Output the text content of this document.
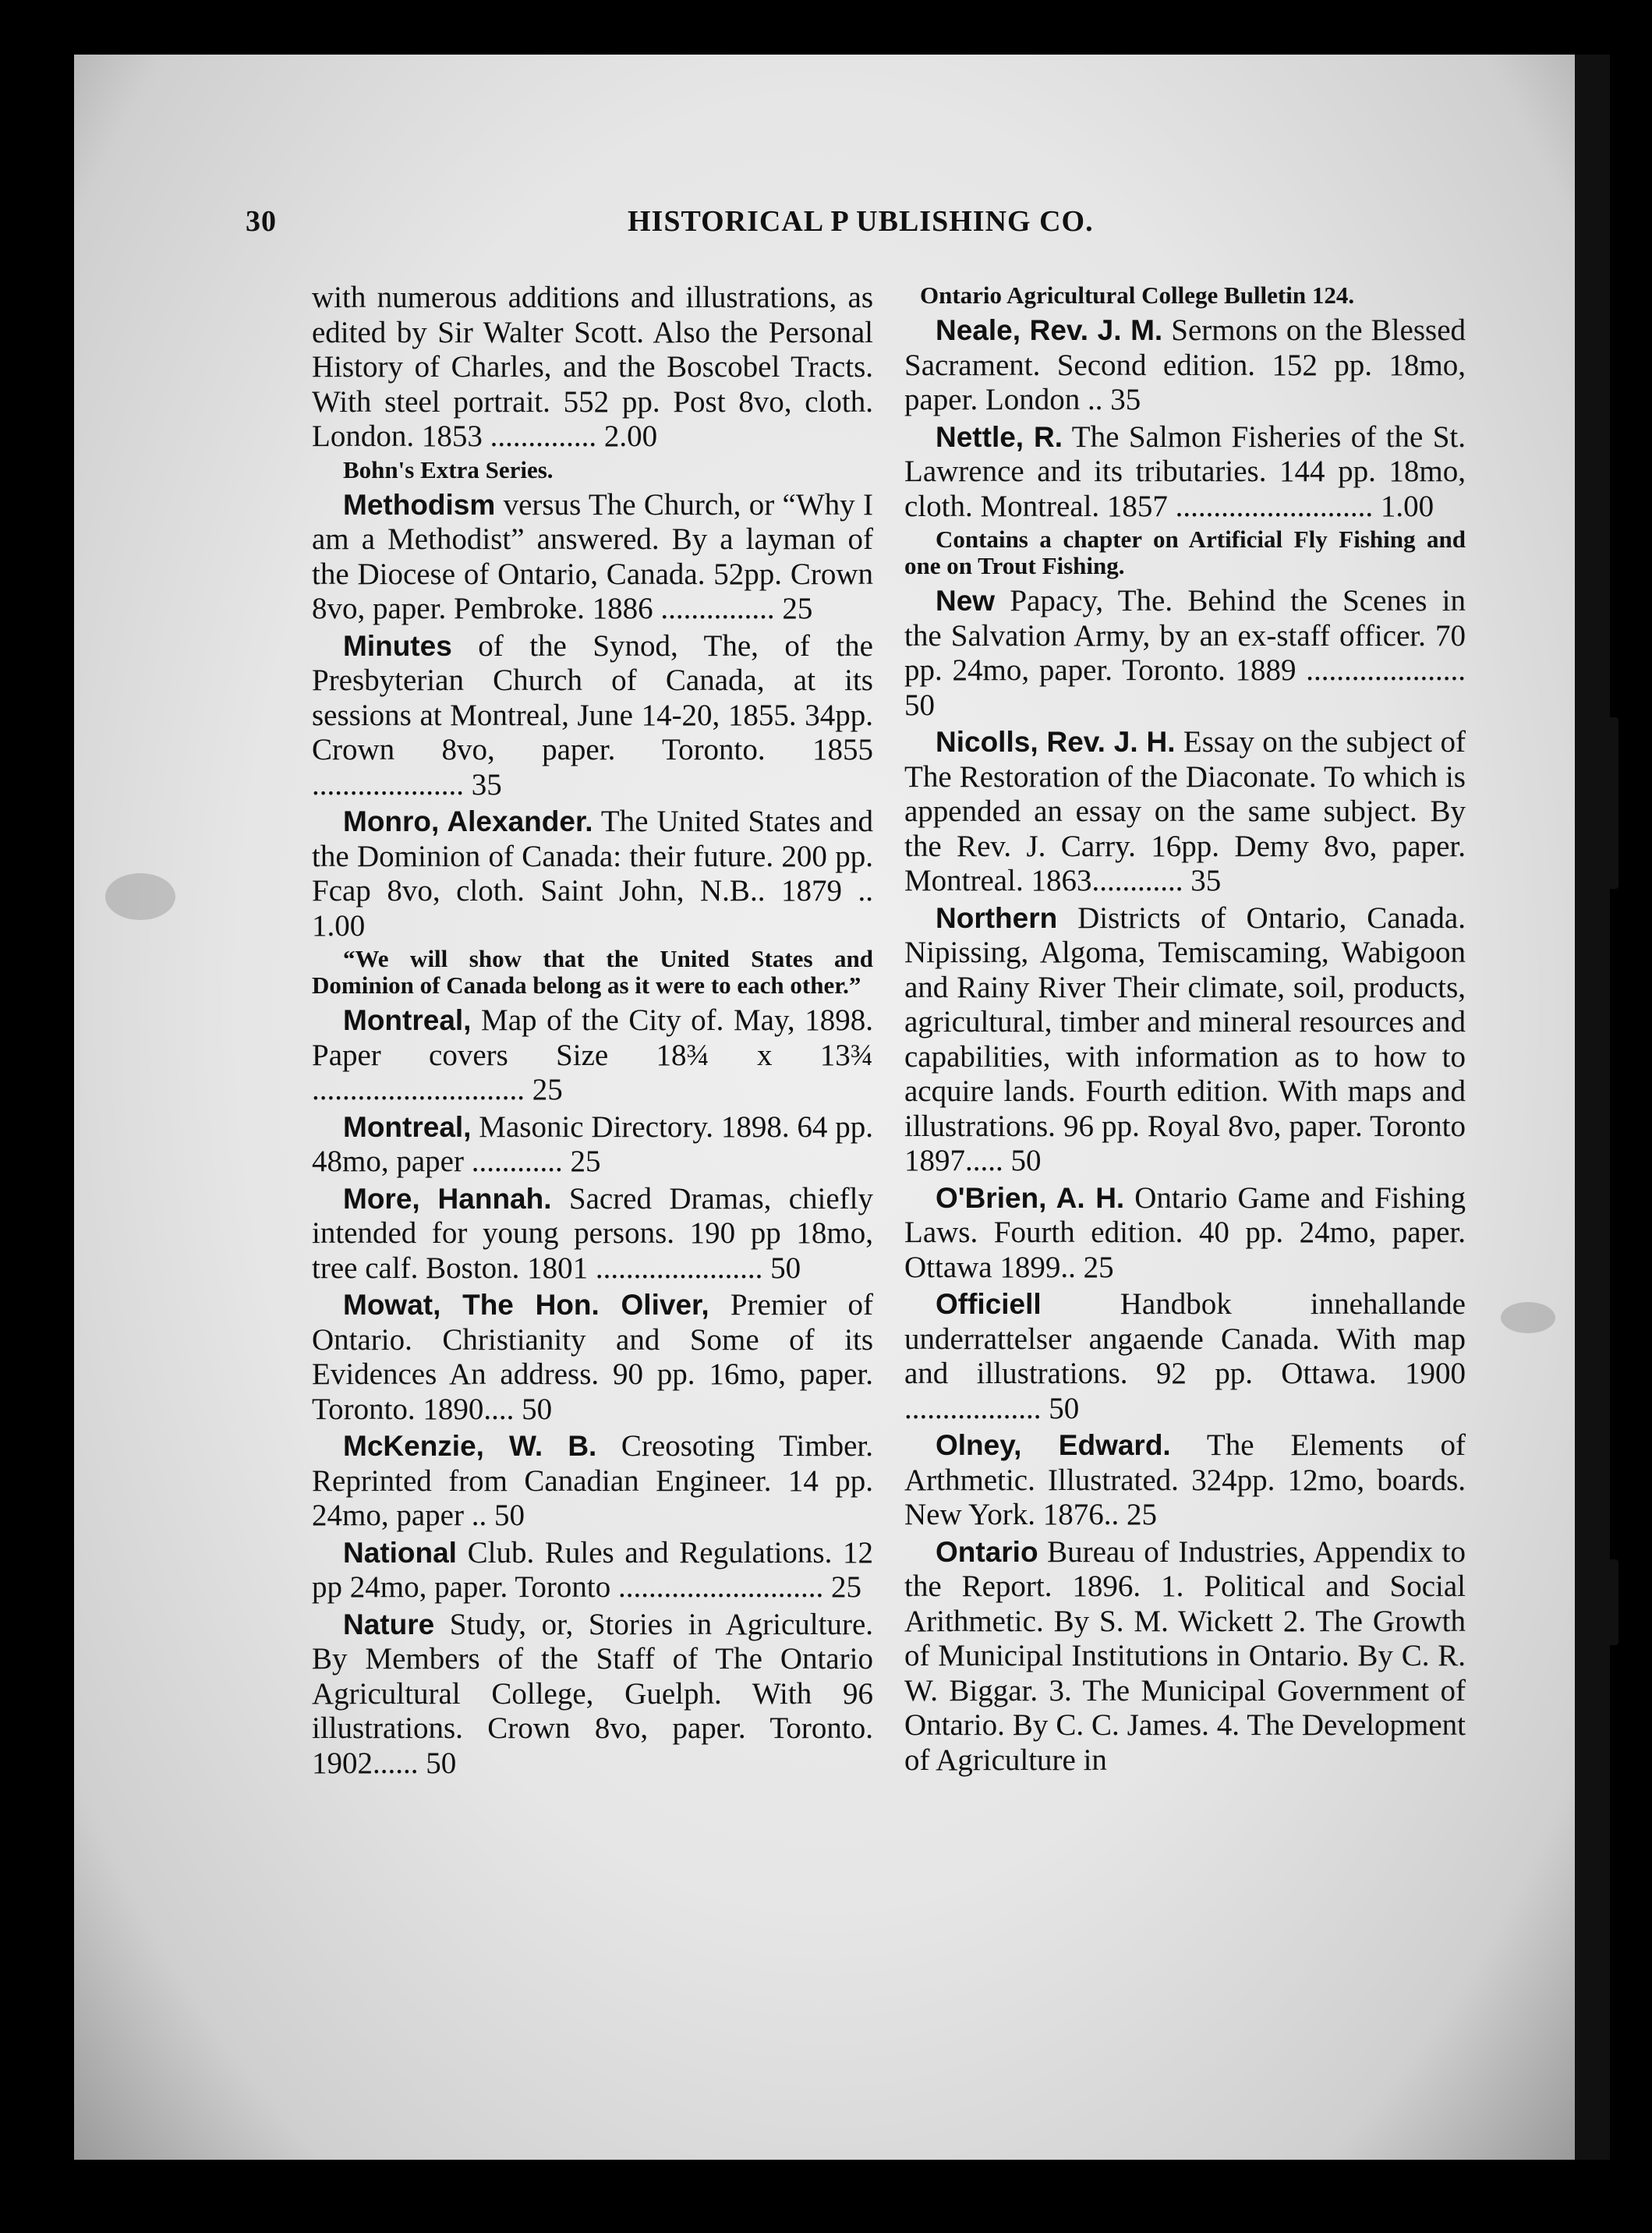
30	HISTORICAL P UBLISHING CO.
with numerous additions and illustrations, as edited by Sir Walter Scott. Also the Personal History of Charles, and the Boscobel Tracts. With steel portrait. 552 pp. Post 8vo, cloth. London. 1853 .............. 2.00
Bohn's Extra Series.
Methodism versus The Church, or “Why I am a Methodist” answered. By a layman of the Diocese of Ontario, Canada. 52pp. Crown 8vo, paper. Pembroke. 1886 ............... 25
Minutes of the Synod, The, of the Presbyterian Church of Canada, at its sessions at Montreal, June 14-20, 1855. 34pp. Crown 8vo, paper. Toronto. 1855 .................... 35
Monro, Alexander. The United States and the Dominion of Canada: their future. 200 pp. Fcap 8vo, cloth. Saint John, N.B.. 1879 .. 1.00
“We will show that the United States and Dominion of Canada belong as it were to each other.”
Montreal, Map of the City of. May, 1898. Paper covers Size 18¾ x 13¾ ............................ 25
Montreal, Masonic Directory. 1898. 64 pp. 48mo, paper ............ 25
More, Hannah. Sacred Dramas, chiefly intended for young persons. 190 pp 18mo, tree calf. Boston. 1801 ...................... 50
Mowat, The Hon. Oliver, Premier of Ontario. Christianity and Some of its Evidences An address. 90 pp. 16mo, paper. Toronto. 1890.... 50
McKenzie, W. B. Creosoting Timber. Reprinted from Canadian Engineer. 14 pp. 24mo, paper .. 50
National Club. Rules and Regulations. 12 pp 24mo, paper. Toronto ........................... 25
Nature Study, or, Stories in Agriculture. By Members of the Staff of The Ontario Agricultural College, Guelph. With 96 illustrations. Crown 8vo, paper. Toronto. 1902...... 50
Ontario Agricultural College Bulletin 124.
Neale, Rev. J. M. Sermons on the Blessed Sacrament. Second edition. 152 pp. 18mo, paper. London .. 35
Nettle, R. The Salmon Fisheries of the St. Lawrence and its tributaries. 144 pp. 18mo, cloth. Montreal. 1857 .......................... 1.00
Contains a chapter on Artificial Fly Fishing and one on Trout Fishing.
New Papacy, The. Behind the Scenes in the Salvation Army, by an ex-staff officer. 70 pp. 24mo, paper. Toronto. 1889 ..................... 50
Nicolls, Rev. J. H. Essay on the subject of The Restoration of the Diaconate. To which is appended an essay on the same subject. By the Rev. J. Carry. 16pp. Demy 8vo, paper. Montreal. 1863............ 35
Northern Districts of Ontario, Canada. Nipissing, Algoma, Temiscaming, Wabigoon and Rainy River Their climate, soil, products, agricultural, timber and mineral resources and capabilities, with information as to how to acquire lands. Fourth edition. With maps and illustrations. 96 pp. Royal 8vo, paper. Toronto 1897..... 50
O'Brien, A. H. Ontario Game and Fishing Laws. Fourth edition. 40 pp. 24mo, paper. Ottawa 1899.. 25
Officiell Handbok innehallande underrattelser angaende Canada. With map and illustrations. 92 pp. Ottawa. 1900 .................. 50
Olney, Edward. The Elements of Arthmetic. Illustrated. 324pp. 12mo, boards. New York. 1876.. 25
Ontario Bureau of Industries, Appendix to the Report. 1896. 1. Political and Social Arithmetic. By S. M. Wickett 2. The Growth of Municipal Institutions in Ontario. By C. R. W. Biggar. 3. The Municipal Government of Ontario. By C. C. James. 4. The Development of Agriculture in
